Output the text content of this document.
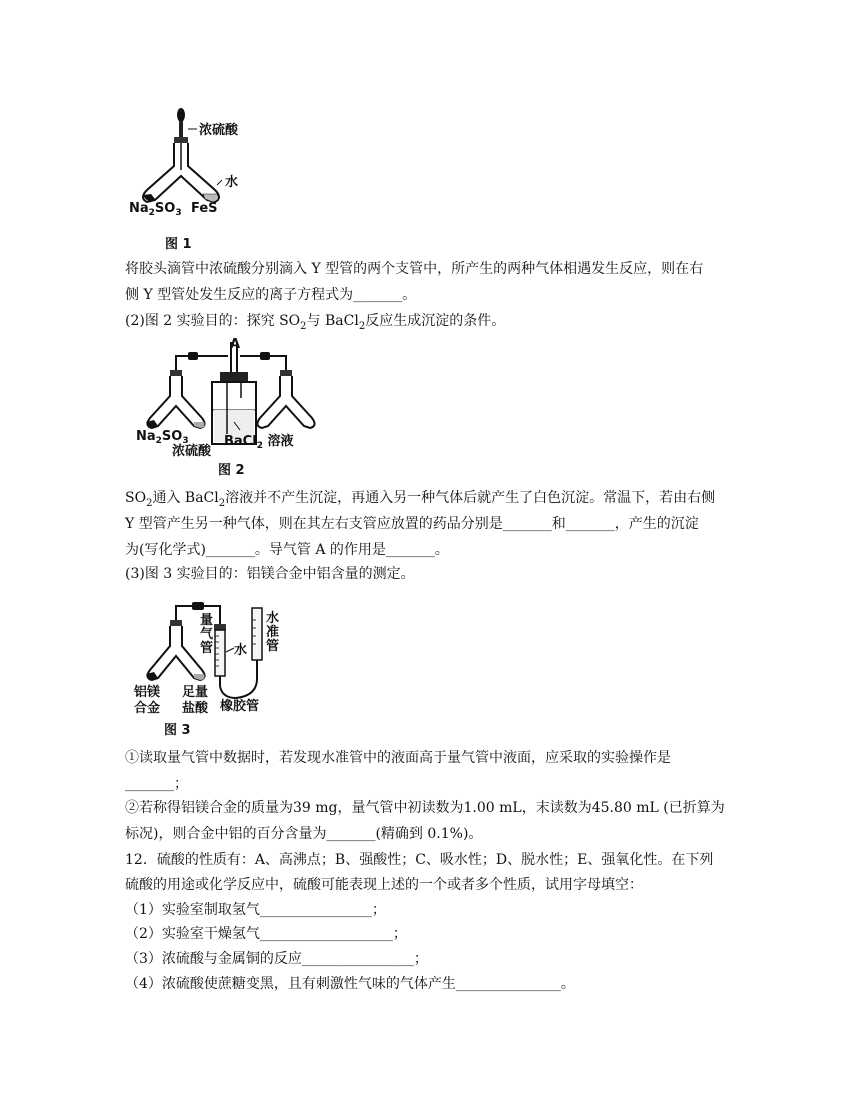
浓硫酸
水
$Na_2SO_3$ FeS
图 1
将胶头滴管中浓硫酸分别滴入 Y 型管的两个支管中，所产生的两种气体相遇发生反应，则在右
侧 Y 型管处发生反应的离子方程式为_______。
(2)图 2 实验目的：探究 $SO_2$与 BaCl$_2$反应生成沉淀的条件。
A
$Na_2SO_3$
浓硫酸
BaCl$_2$ 溶液
图 2
$SO_2$通入 BaCl$_2$溶液并不产生沉淀，再通入另一种气体后就产生了白色沉淀。常温下，若由右侧
Y 型管产生另一种气体，则在其左右支管应放置的药品分别是_______和_______，产生的沉淀
为(写化学式)_______。导气管 A 的作用是_______。
(3)图 3 实验目的：铝镁合金中铝含量的测定。
量气管 水
水准管
铝镁合金
足量盐酸 橡胶管
图 3
①读取量气管中数据时，若发现水准管中的液面高于量气管中液面，应采取的实验操作是
_______；
②若称得铝镁合金的质量为39 mg，量气管中初读数为1.00 mL，末读数为45.80 mL (已折算为
标况)，则合金中铝的百分含量为_______(精确到 0.1%)。
12．硫酸的性质有：A、高沸点；B、强酸性；C、吸水性；D、脱水性；E、强氧化性。在下列
硫酸的用途或化学反应中，硫酸可能表现上述的一个或者多个性质，试用字母填空：
（1）实验室制取氢气________________；
（2）实验室干燥氢气___________________；
（3）浓硫酸与金属铜的反应________________；
（4）浓硫酸使蔗糖变黑，且有刺激性气味的气体产生_______________。
